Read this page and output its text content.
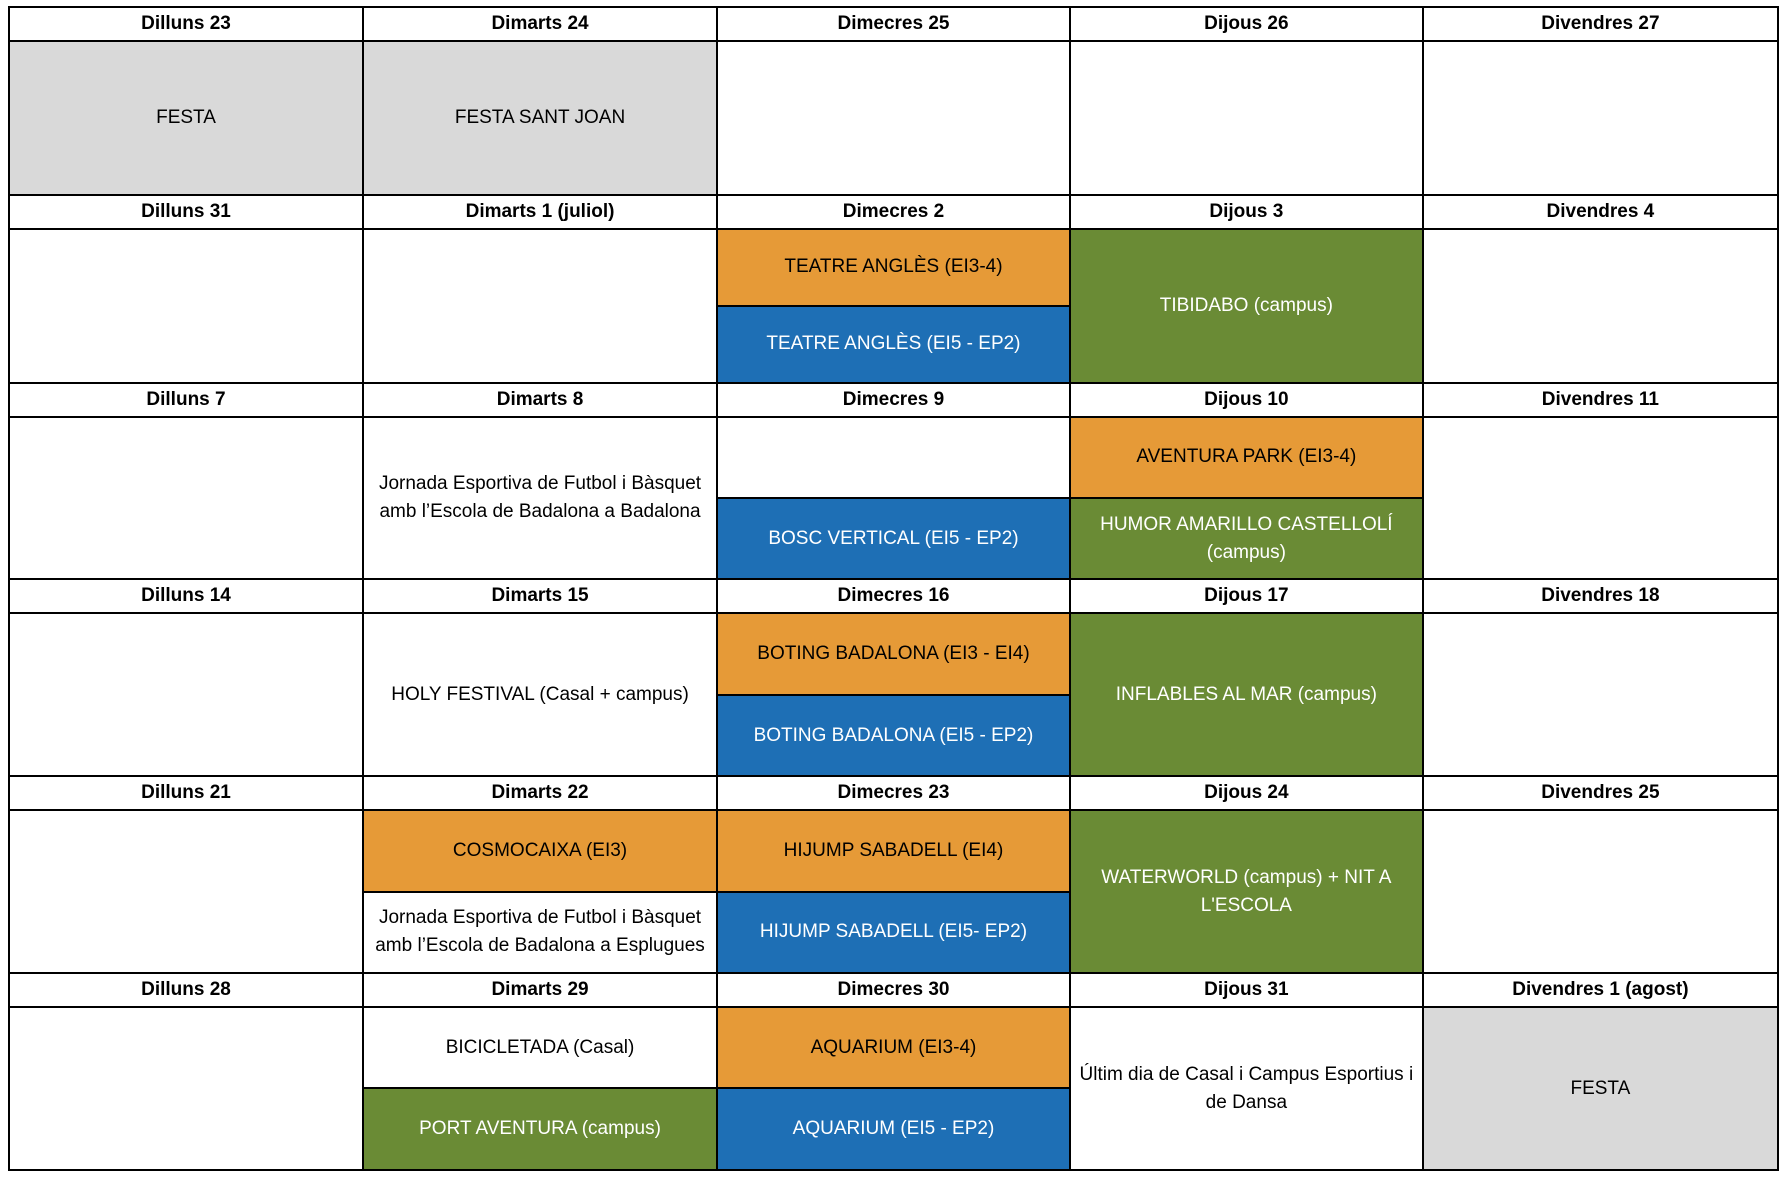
Dilluns 23	Dimarts 24	Dimecres 25	Dijous 26	Divendres 27
FESTA	FESTA SANT JOAN			

Dilluns 31	Dimarts 1 (juliol)	Dimecres 2	Dijous 3	Divendres 4
		TEATRE ANGLÈS (EI3-4)	TIBIDABO (campus)	
		TEATRE ANGLÈS (EI5 - EP2)		
Dilluns 7	Dimarts 8	Dimecres 9	Dijous 10	Divendres 11
	Jornada Esportiva de Futbol i Bàsquet amb l’Escola de Badalona a Badalona		AVENTURA PARK (EI3-4)	
		BOSC VERTICAL (EI5 - EP2)	HUMOR AMARILLO CASTELLOLÍ (campus)	
Dilluns 14	Dimarts 15	Dimecres 16	Dijous 17	Divendres 18
	HOLY FESTIVAL (Casal + campus)	BOTING BADALONA (EI3 - EI4)	INFLABLES AL MAR (campus)	
		BOTING BADALONA (EI5 - EP2)		
Dilluns 21	Dimarts 22	Dimecres 23	Dijous 24	Divendres 25
	COSMOCAIXA (EI3)	HIJUMP SABADELL (EI4)	WATERWORLD (campus) + NIT A L'ESCOLA	
	Jornada Esportiva de Futbol i Bàsquet amb l’Escola de Badalona a Esplugues	HIJUMP SABADELL (EI5- EP2)		
Dilluns 28	Dimarts 29	Dimecres 30	Dijous 31	Divendres 1 (agost)
	BICICLETADA (Casal)	AQUARIUM (EI3-4)	Últim dia de Casal i Campus Esportius i de Dansa	FESTA
	PORT AVENTURA (campus)	AQUARIUM (EI5 - EP2)		
